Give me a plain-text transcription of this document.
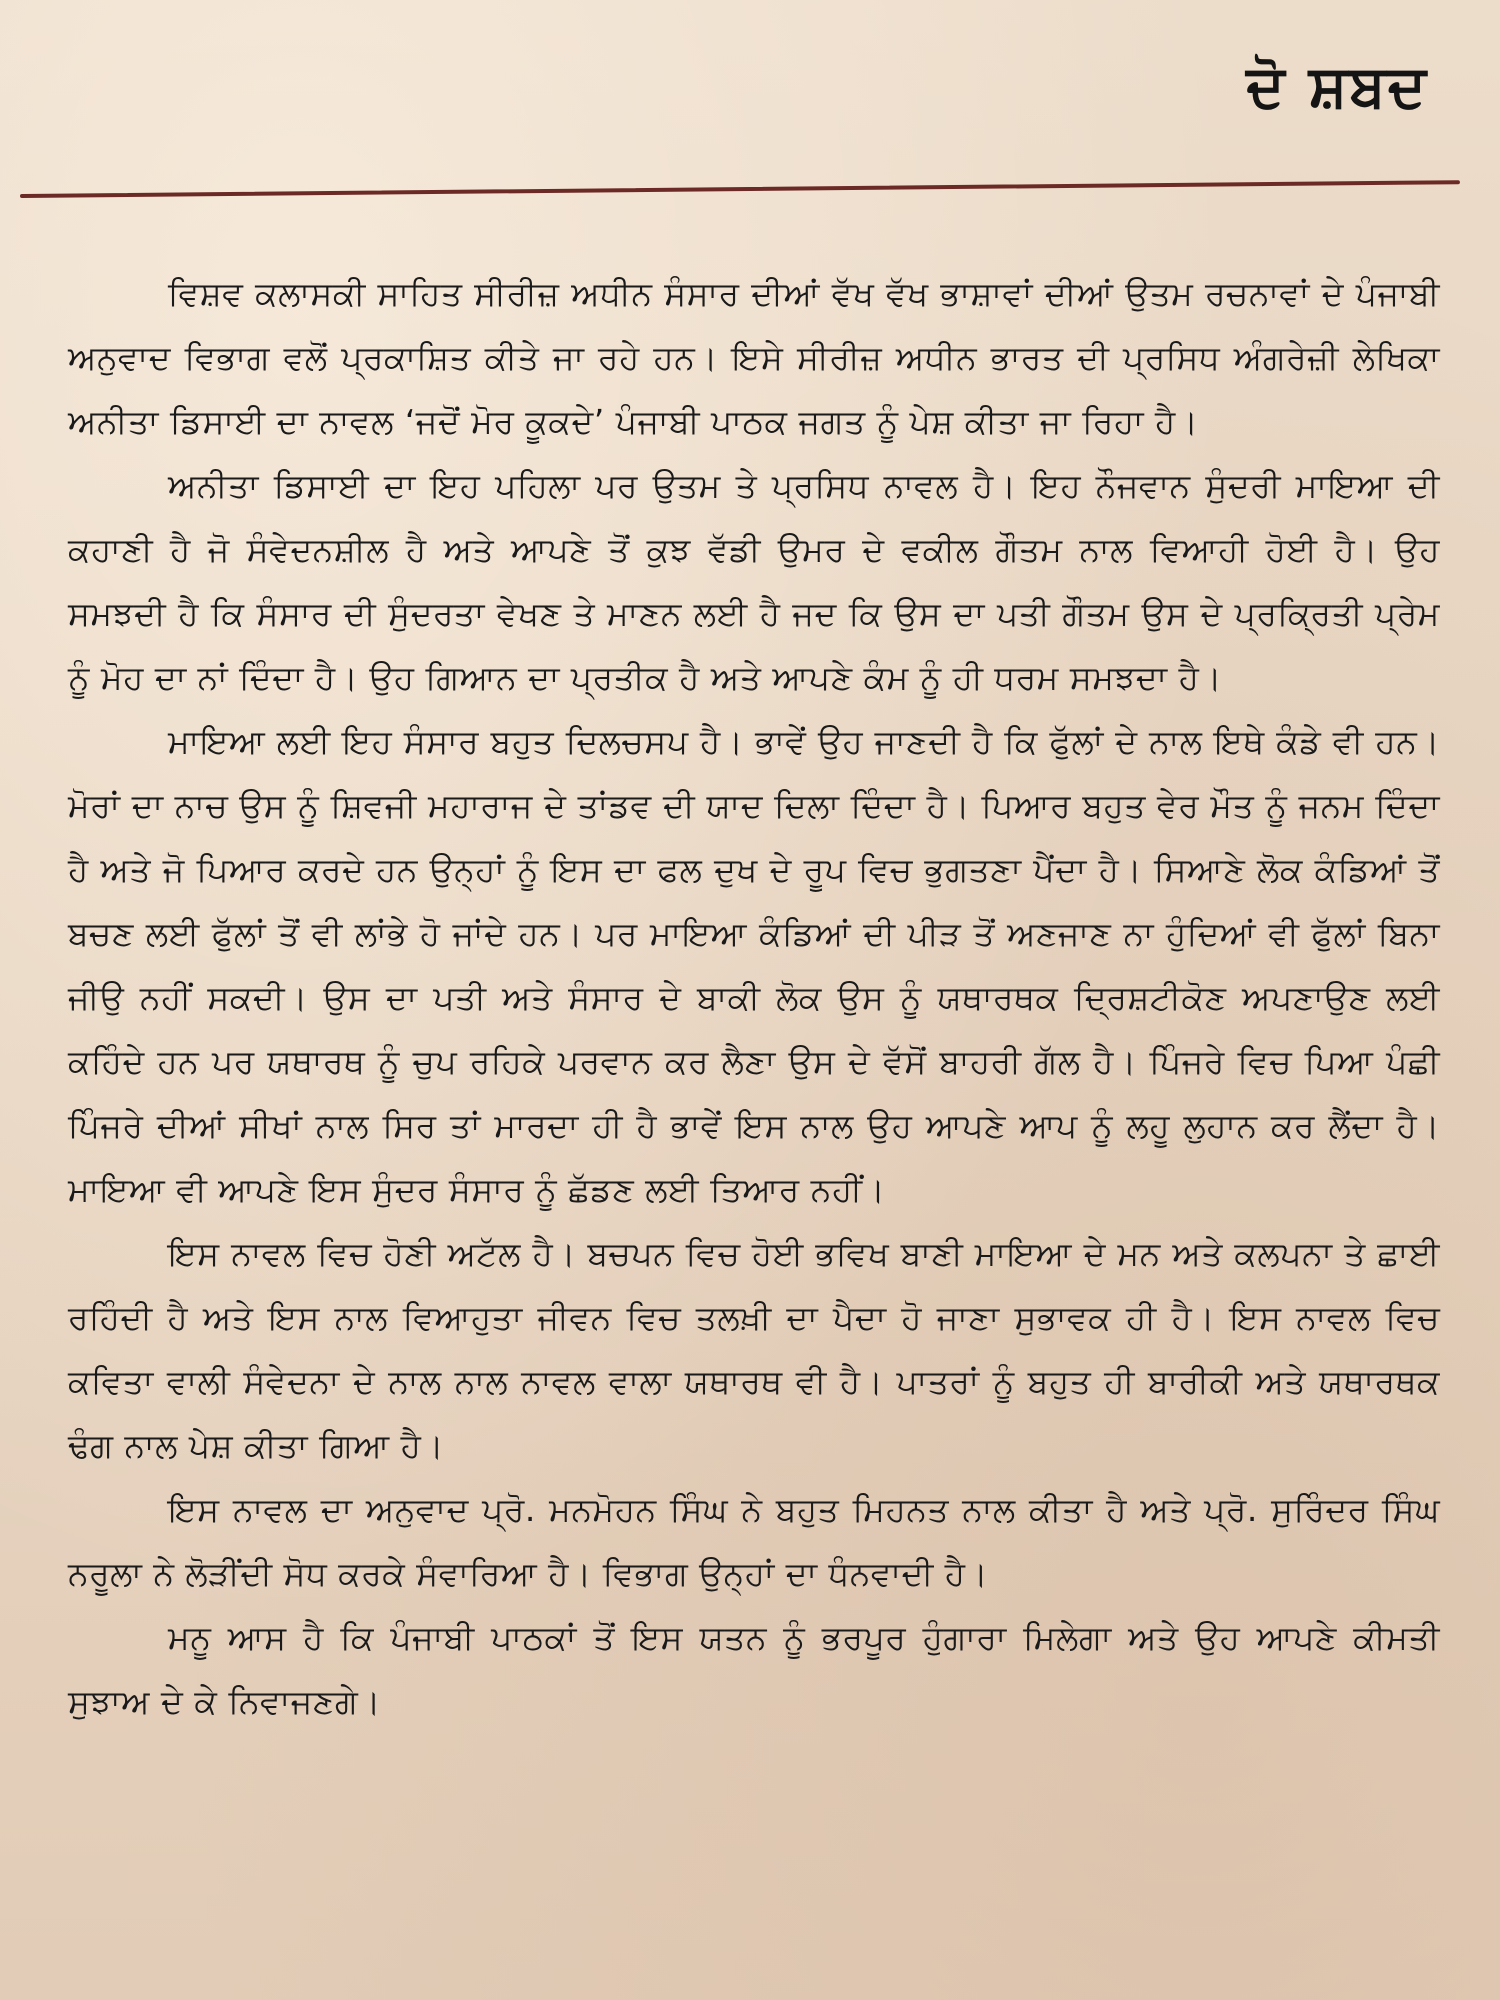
ਦੋ ਸ਼ਬਦ

ਵਿਸ਼ਵ ਕਲਾਸਕੀ ਸਾਹਿਤ ਸੀਰੀਜ਼ ਅਧੀਨ ਸੰਸਾਰ ਦੀਆਂ ਵੱਖ ਵੱਖ ਭਾਸ਼ਾਵਾਂ ਦੀਆਂ ਉਤਮ ਰਚਨਾਵਾਂ ਦੇ ਪੰਜਾਬੀ ਅਨੁਵਾਦ ਵਿਭਾਗ ਵਲੋਂ ਪ੍ਰਕਾਸ਼ਿਤ ਕੀਤੇ ਜਾ ਰਹੇ ਹਨ। ਇਸੇ ਸੀਰੀਜ਼ ਅਧੀਨ ਭਾਰਤ ਦੀ ਪ੍ਰਸਿਧ ਅੰਗਰੇਜ਼ੀ ਲੇਖਿਕਾ ਅਨੀਤਾ ਡਿਸਾਈ ਦਾ ਨਾਵਲ ‘ਜਦੋਂ ਮੋਰ ਕੂਕਦੇ’ ਪੰਜਾਬੀ ਪਾਠਕ ਜਗਤ ਨੂੰ ਪੇਸ਼ ਕੀਤਾ ਜਾ ਰਿਹਾ ਹੈ।

ਅਨੀਤਾ ਡਿਸਾਈ ਦਾ ਇਹ ਪਹਿਲਾ ਪਰ ਉਤਮ ਤੇ ਪ੍ਰਸਿਧ ਨਾਵਲ ਹੈ। ਇਹ ਨੌਜਵਾਨ ਸੁੰਦਰੀ ਮਾਇਆ ਦੀ ਕਹਾਣੀ ਹੈ ਜੋ ਸੰਵੇਦਨਸ਼ੀਲ ਹੈ ਅਤੇ ਆਪਣੇ ਤੋਂ ਕੁਝ ਵੱਡੀ ਉਮਰ ਦੇ ਵਕੀਲ ਗੌਤਮ ਨਾਲ ਵਿਆਹੀ ਹੋਈ ਹੈ। ਉਹ ਸਮਝਦੀ ਹੈ ਕਿ ਸੰਸਾਰ ਦੀ ਸੁੰਦਰਤਾ ਵੇਖਣ ਤੇ ਮਾਣਨ ਲਈ ਹੈ ਜਦ ਕਿ ਉਸ ਦਾ ਪਤੀ ਗੌਤਮ ਉਸ ਦੇ ਪ੍ਰਕ੍ਰਿਤੀ ਪ੍ਰੇਮ ਨੂੰ ਮੋਹ ਦਾ ਨਾਂ ਦਿੰਦਾ ਹੈ। ਉਹ ਗਿਆਨ ਦਾ ਪ੍ਰਤੀਕ ਹੈ ਅਤੇ ਆਪਣੇ ਕੰਮ ਨੂੰ ਹੀ ਧਰਮ ਸਮਝਦਾ ਹੈ।

ਮਾਇਆ ਲਈ ਇਹ ਸੰਸਾਰ ਬਹੁਤ ਦਿਲਚਸਪ ਹੈ। ਭਾਵੇਂ ਉਹ ਜਾਣਦੀ ਹੈ ਕਿ ਫੁੱਲਾਂ ਦੇ ਨਾਲ ਇਥੇ ਕੰਡੇ ਵੀ ਹਨ। ਮੋਰਾਂ ਦਾ ਨਾਚ ਉਸ ਨੂੰ ਸ਼ਿਵਜੀ ਮਹਾਰਾਜ ਦੇ ਤਾਂਡਵ ਦੀ ਯਾਦ ਦਿਲਾ ਦਿੰਦਾ ਹੈ। ਪਿਆਰ ਬਹੁਤ ਵੇਰ ਮੌਤ ਨੂੰ ਜਨਮ ਦਿੰਦਾ ਹੈ ਅਤੇ ਜੋ ਪਿਆਰ ਕਰਦੇ ਹਨ ਉਨ੍ਹਾਂ ਨੂੰ ਇਸ ਦਾ ਫਲ ਦੁਖ ਦੇ ਰੂਪ ਵਿਚ ਭੁਗਤਣਾ ਪੈਂਦਾ ਹੈ। ਸਿਆਣੇ ਲੋਕ ਕੰਡਿਆਂ ਤੋਂ ਬਚਣ ਲਈ ਫੁੱਲਾਂ ਤੋਂ ਵੀ ਲਾਂਭੇ ਹੋ ਜਾਂਦੇ ਹਨ। ਪਰ ਮਾਇਆ ਕੰਡਿਆਂ ਦੀ ਪੀੜ ਤੋਂ ਅਣਜਾਣ ਨਾ ਹੁੰਦਿਆਂ ਵੀ ਫੁੱਲਾਂ ਬਿਨਾ ਜੀਉ ਨਹੀਂ ਸਕਦੀ। ਉਸ ਦਾ ਪਤੀ ਅਤੇ ਸੰਸਾਰ ਦੇ ਬਾਕੀ ਲੋਕ ਉਸ ਨੂੰ ਯਥਾਰਥਕ ਦ੍ਰਿਸ਼ਟੀਕੋਣ ਅਪਣਾਉਣ ਲਈ ਕਹਿੰਦੇ ਹਨ ਪਰ ਯਥਾਰਥ ਨੂੰ ਚੁਪ ਰਹਿਕੇ ਪਰਵਾਨ ਕਰ ਲੈਣਾ ਉਸ ਦੇ ਵੱਸੋਂ ਬਾਹਰੀ ਗੱਲ ਹੈ। ਪਿੰਜਰੇ ਵਿਚ ਪਿਆ ਪੰਛੀ ਪਿੰਜਰੇ ਦੀਆਂ ਸੀਖਾਂ ਨਾਲ ਸਿਰ ਤਾਂ ਮਾਰਦਾ ਹੀ ਹੈ ਭਾਵੇਂ ਇਸ ਨਾਲ ਉਹ ਆਪਣੇ ਆਪ ਨੂੰ ਲਹੂ ਲੁਹਾਨ ਕਰ ਲੈਂਦਾ ਹੈ। ਮਾਇਆ ਵੀ ਆਪਣੇ ਇਸ ਸੁੰਦਰ ਸੰਸਾਰ ਨੂੰ ਛੱਡਣ ਲਈ ਤਿਆਰ ਨਹੀਂ।

ਇਸ ਨਾਵਲ ਵਿਚ ਹੋਣੀ ਅਟੱਲ ਹੈ। ਬਚਪਨ ਵਿਚ ਹੋਈ ਭਵਿਖ ਬਾਣੀ ਮਾਇਆ ਦੇ ਮਨ ਅਤੇ ਕਲਪਨਾ ਤੇ ਛਾਈ ਰਹਿੰਦੀ ਹੈ ਅਤੇ ਇਸ ਨਾਲ ਵਿਆਹੁਤਾ ਜੀਵਨ ਵਿਚ ਤਲਖ਼ੀ ਦਾ ਪੈਦਾ ਹੋ ਜਾਣਾ ਸੁਭਾਵਕ ਹੀ ਹੈ। ਇਸ ਨਾਵਲ ਵਿਚ ਕਵਿਤਾ ਵਾਲੀ ਸੰਵੇਦਨਾ ਦੇ ਨਾਲ ਨਾਲ ਨਾਵਲ ਵਾਲਾ ਯਥਾਰਥ ਵੀ ਹੈ। ਪਾਤਰਾਂ ਨੂੰ ਬਹੁਤ ਹੀ ਬਾਰੀਕੀ ਅਤੇ ਯਥਾਰਥਕ ਢੰਗ ਨਾਲ ਪੇਸ਼ ਕੀਤਾ ਗਿਆ ਹੈ।

ਇਸ ਨਾਵਲ ਦਾ ਅਨੁਵਾਦ ਪ੍ਰੋ. ਮਨਮੋਹਨ ਸਿੰਘ ਨੇ ਬਹੁਤ ਮਿਹਨਤ ਨਾਲ ਕੀਤਾ ਹੈ ਅਤੇ ਪ੍ਰੋ. ਸੁਰਿੰਦਰ ਸਿੰਘ ਨਰੂਲਾ ਨੇ ਲੋੜੀਂਦੀ ਸੋਧ ਕਰਕੇ ਸੰਵਾਰਿਆ ਹੈ। ਵਿਭਾਗ ਉਨ੍ਹਾਂ ਦਾ ਧੰਨਵਾਦੀ ਹੈ।

ਮਨੂ ਆਸ ਹੈ ਕਿ ਪੰਜਾਬੀ ਪਾਠਕਾਂ ਤੋਂ ਇਸ ਯਤਨ ਨੂੰ ਭਰਪੂਰ ਹੁੰਗਾਰਾ ਮਿਲੇਗਾ ਅਤੇ ਉਹ ਆਪਣੇ ਕੀਮਤੀ ਸੁਝਾਅ ਦੇ ਕੇ ਨਿਵਾਜਣਗੇ।
